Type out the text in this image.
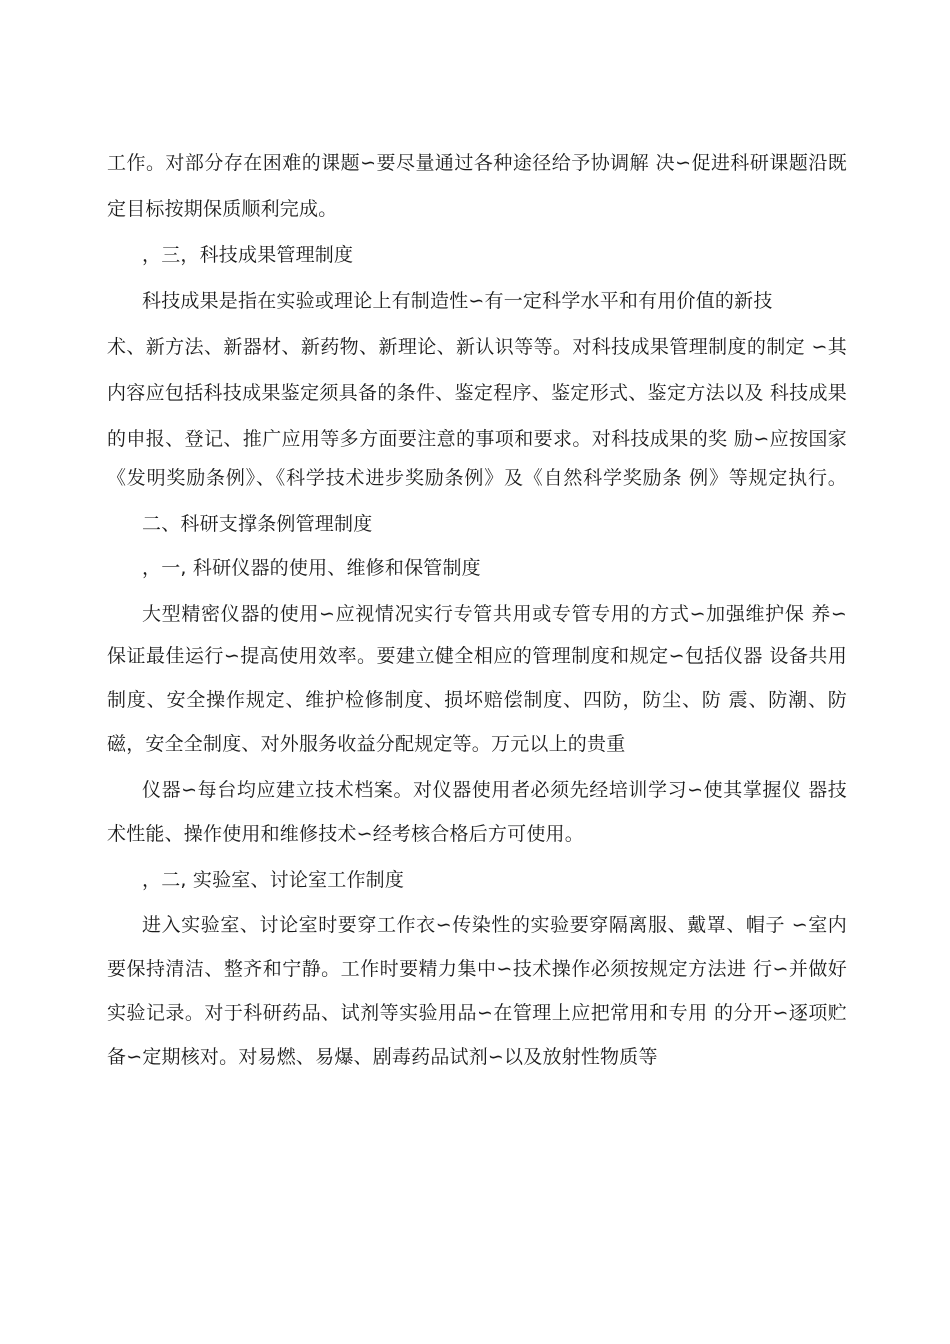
工作。对部分存在困难的课题∽要尽量通过各种途径给予协调解 决∽促进科研课题沿既
定目标按期保质顺利完成。
，三，科技成果管理制度
科技成果是指在实验或理论上有制造性∽有一定科学水平和有用价值的新技
术、新方法、新器材、新药物、新理论、新认识等等。对科技成果管理制度的制定 ∽其
内容应包括科技成果鉴定须具备的条件、鉴定程序、鉴定形式、鉴定方法以及 科技成果
的申报、登记、推广应用等多方面要注意的事项和要求。对科技成果的奖 励∽应按国家
《发明奖励条例》、《科学技术进步奖励条例》及《自然科学奖励条 例》等规定执行。
二、科研支撑条例管理制度
，一, 科研仪器的使用、维修和保管制度
大型精密仪器的使用∽应视情况实行专管共用或专管专用的方式∽加强维护保 养∽
保证最佳运行∽提高使用效率。要建立健全相应的管理制度和规定∽包括仪器 设备共用
制度、安全操作规定、维护检修制度、损坏赔偿制度、四防，防尘、防 震、防潮、防
磁，安全全制度、对外服务收益分配规定等。万元以上的贵重
仪器∽每台均应建立技术档案。对仪器使用者必须先经培训学习∽使其掌握仪 器技
术性能、操作使用和维修技术∽经考核合格后方可使用。
，二, 实验室、讨论室工作制度
进入实验室、讨论室时要穿工作衣∽传染性的实验要穿隔离服、戴罩、帽子 ∽室内
要保持清洁、整齐和宁静。工作时要精力集中∽技术操作必须按规定方法进 行∽并做好
实验记录。对于科研药品、试剂等实验用品∽在管理上应把常用和专用 的分开∽逐项贮
备∽定期核对。对易燃、易爆、剧毒药品试剂∽以及放射性物质等
